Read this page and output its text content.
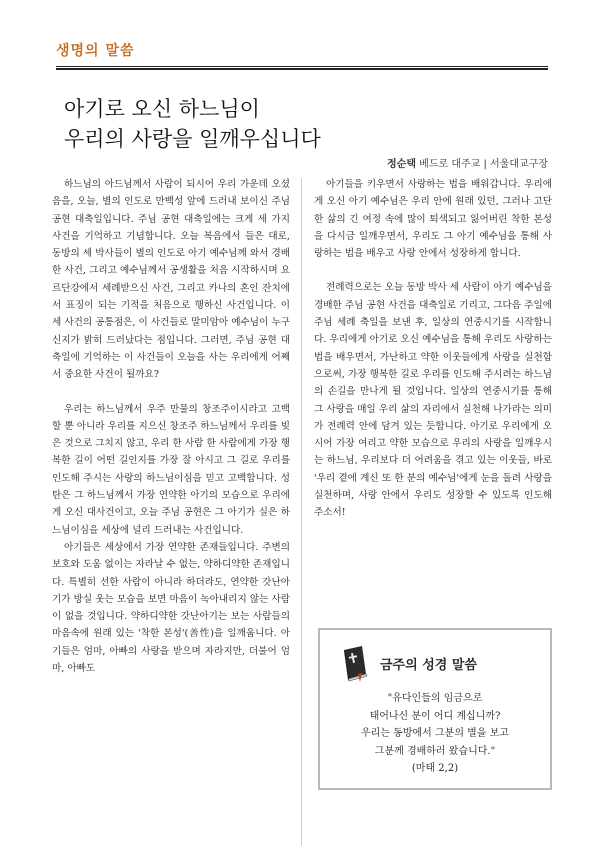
생명의 말씀
아기로 오신 하느님이
우리의 사랑을 일깨우십니다
정순택 베드로 대주교 | 서울대교구장

하느님의 아드님께서 사람이 되시어 우리 가운데 오셨음을, 오늘, 별의 인도로 만백성 앞에 드러내 보이신 주님공현 대축일입니다. 주님 공현 대축일에는 크게 세 가지 사건을 기억하고 기념합니다. 오늘 복음에서 들은 대로, 동방의 세 박사들이 별의 인도로 아기 예수님께 와서 경배한 사건, 그리고 예수님께서 공생활을 처음 시작하시며 요르단강에서 세례받으신 사건, 그리고 카나의 혼인 잔치에서 표징이 되는 기적을 처음으로 행하신 사건입니다. 이 세 사건의 공통점은, 이 사건들로 말미암아 예수님이 누구신지가 밝히 드러났다는 점입니다. 그러면, 주님 공현 대축일에 기억하는 이 사건들이 오늘을 사는 우리에게 어째서 중요한 사건이 될까요?

우리는 하느님께서 우주 만물의 창조주이시라고 고백할 뿐 아니라 우리를 지으신 창조주 하느님께서 우리를 빚은 것으로 그치지 않고, 우리 한 사람 한 사람에게 가장 행복한 길이 어떤 길인지를 가장 잘 아시고 그 길로 우리를 인도해 주시는 사랑의 하느님이심을 믿고 고백합니다. 성탄은 그 하느님께서 가장 연약한 아기의 모습으로 우리에게 오신 대사건이고, 오늘 주님 공현은 그 아기가 실은 하느님이심을 세상에 널리 드러내는 사건입니다.

아기들은 세상에서 가장 연약한 존재들입니다. 주변의 보호와 도움 없이는 자라날 수 없는, 약하디약한 존재입니다. 특별히 선한 사람이 아니라 하더라도, 연약한 갓난아기가 방실 웃는 모습을 보면 마음이 녹아내리지 않는 사람이 없을 것입니다. 약하디약한 갓난아기는 보는 사람들의 마음속에 원래 있는 '착한 본성'(善性)을 일깨웁니다. 아기들은 엄마, 아빠의 사랑을 받으며 자라지만, 더불어 엄마, 아빠도

아기들을 키우면서 사랑하는 법을 배워갑니다. 우리에게 오신 아기 예수님은 우리 안에 원래 있던, 그러나 고단한 삶의 긴 여정 속에 많이 퇴색되고 잃어버린 착한 본성을 다시금 일깨우면서, 우리도 그 아기 예수님을 통해 사랑하는 법을 배우고 사랑 안에서 성장하게 합니다.

전례력으로는 오늘 동방 박사 세 사람이 아기 예수님을 경배한 주님 공현 사건을 대축일로 기리고, 그다음 주일에 주님 세례 축일을 보낸 후, 일상의 연중시기를 시작합니다. 우리에게 아기로 오신 예수님을 통해 우리도 사랑하는 법을 배우면서, 가난하고 약한 이웃들에게 사랑을 실천함으로써, 가장 행복한 길로 우리를 인도해 주시려는 하느님의 손길을 만나게 될 것입니다. 일상의 연중시기를 통해 그 사랑을 매일 우리 삶의 자리에서 실천해 나가라는 의미가 전례력 안에 담겨 있는 듯합니다. 아기로 우리에게 오시어 가장 여리고 약한 모습으로 우리의 사랑을 일깨우시는 하느님, 우리보다 더 어려움을 겪고 있는 이웃들, 바로 '우리 곁에 계신 또 한 분의 예수님'에게 눈을 돌려 사랑을 실천하며, 사랑 안에서 우리도 성장할 수 있도록 인도해 주소서!

금주의 성경 말씀
"유다인들의 임금으로
태어나신 분이 어디 계십니까?
우리는 동방에서 그분의 별을 보고
그분께 경배하러 왔습니다."
(마태 2,2)
